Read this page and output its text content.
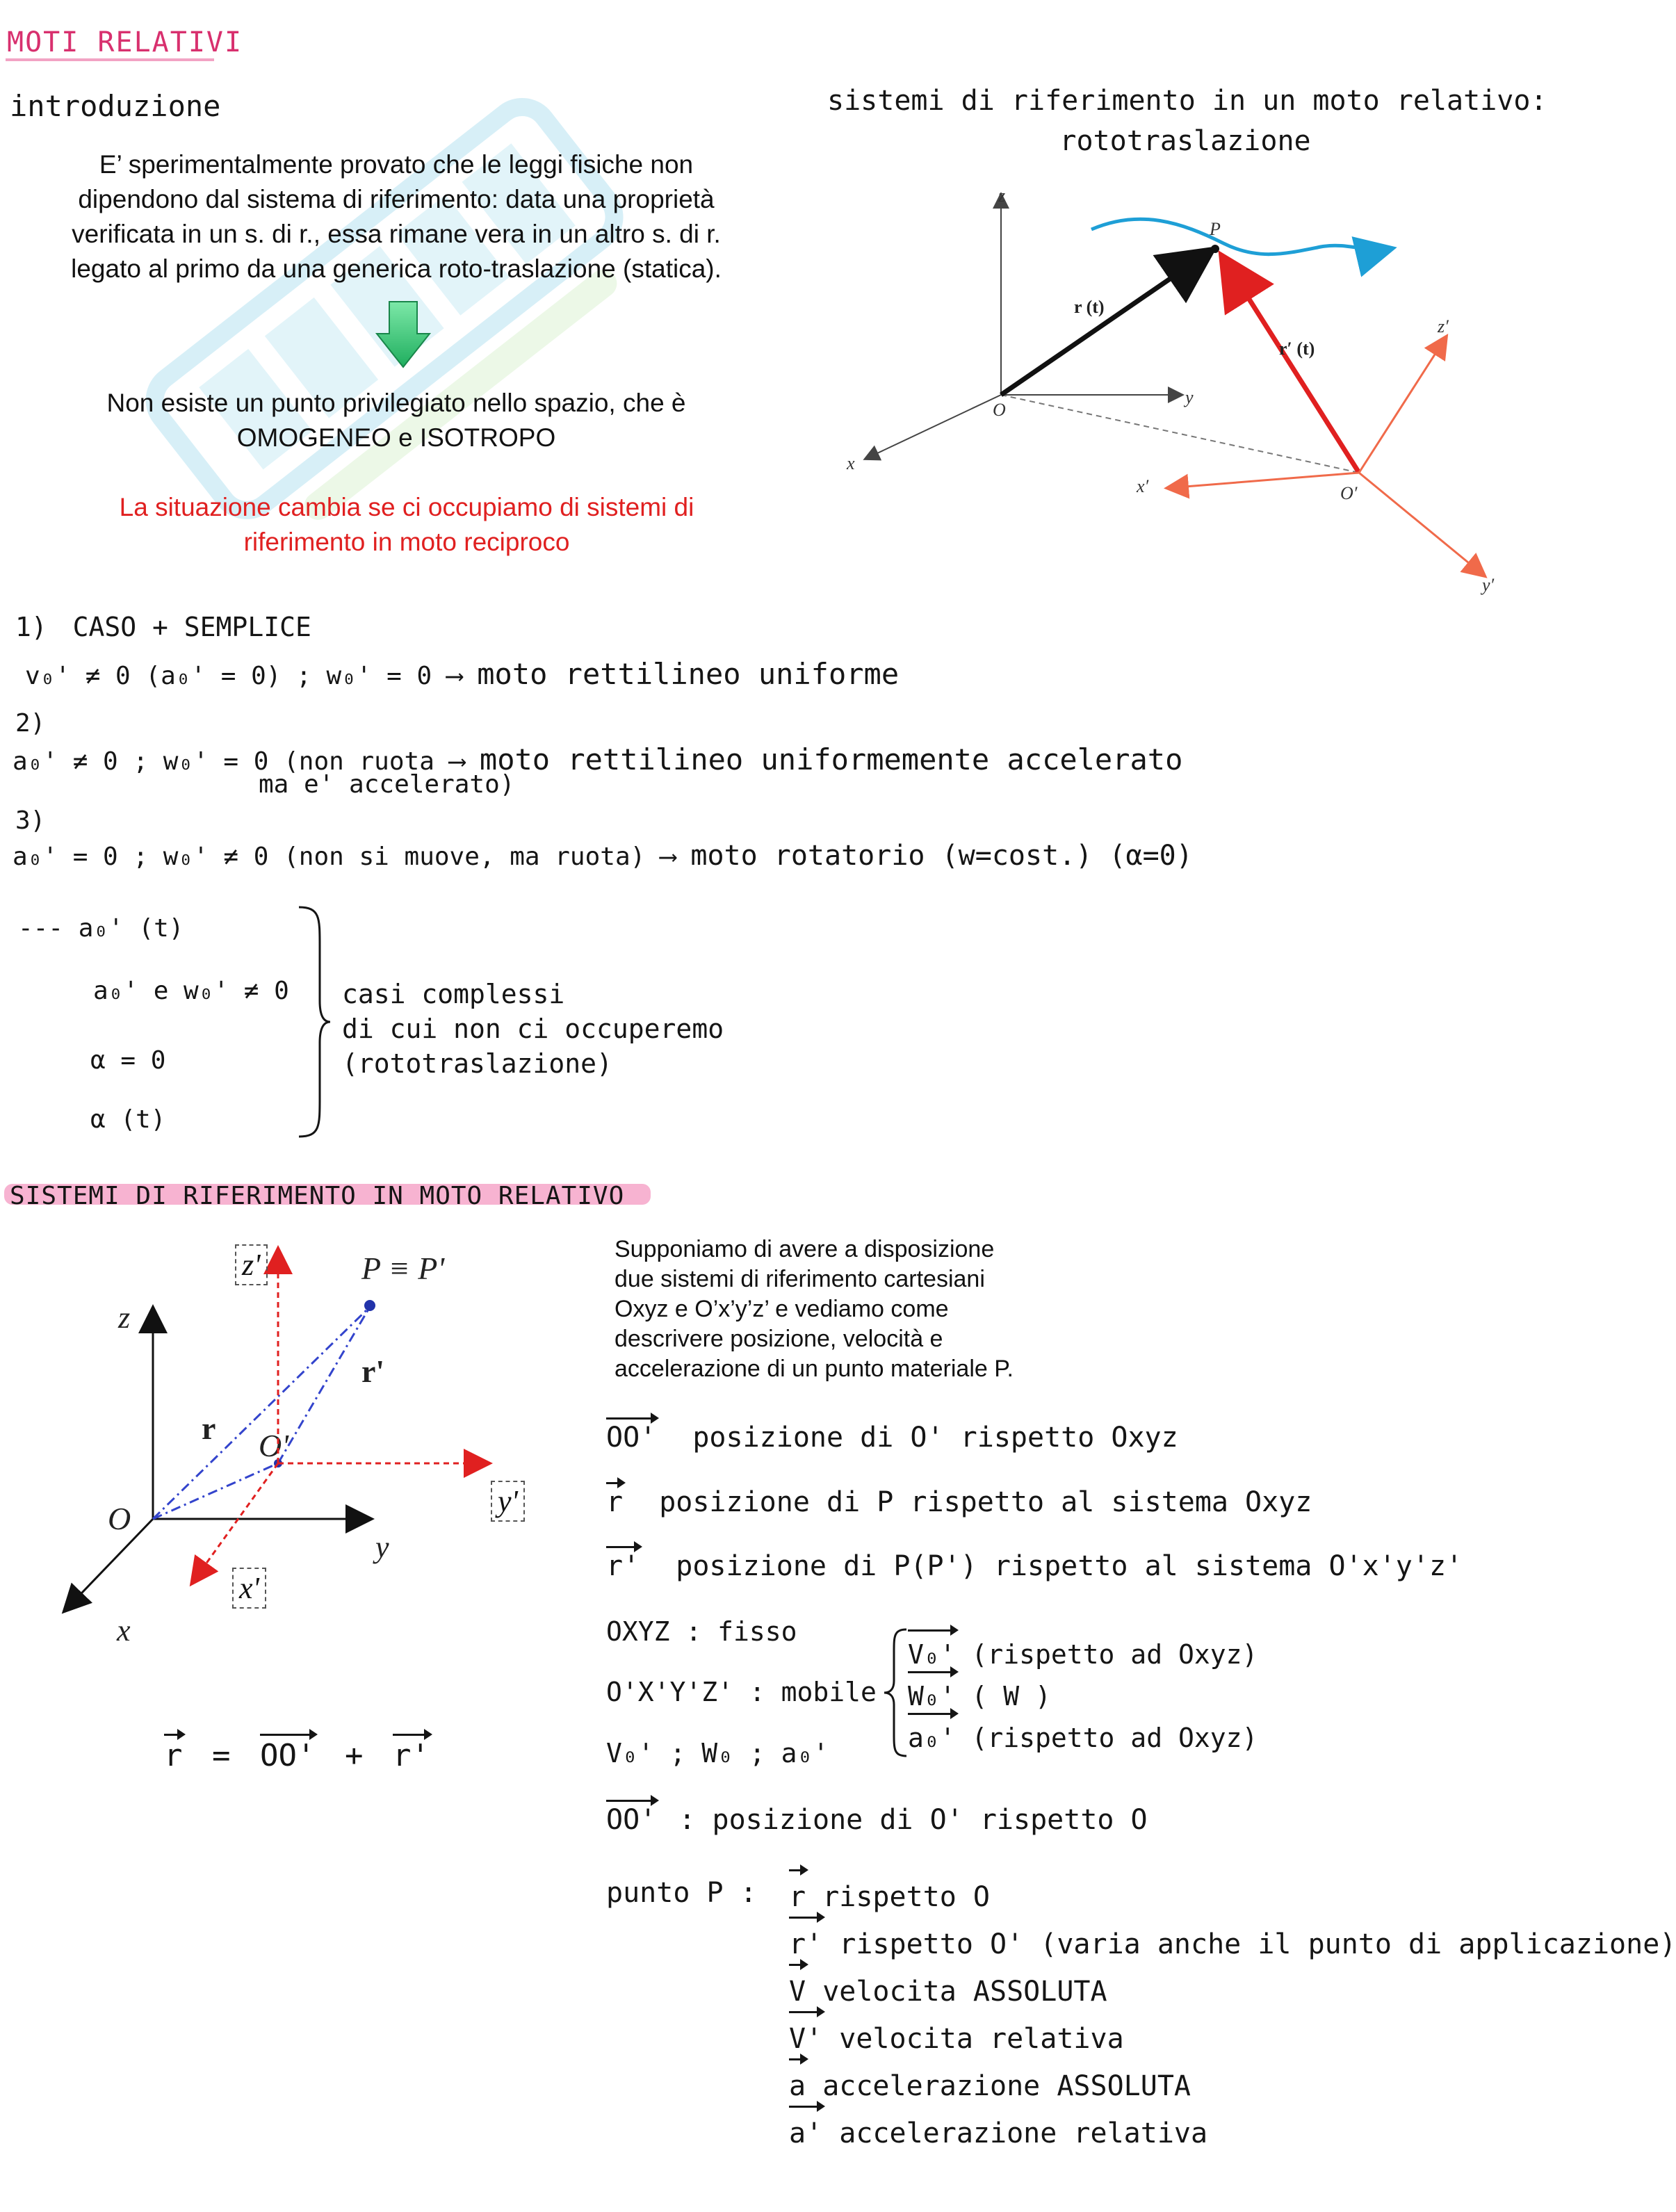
MOTI RELATIVI
introduzione
E’ sperimentalmente provato che le leggi fisiche non
dipendono dal sistema di riferimento: data una proprietà
verificata in un s. di r., essa rimane vera in un altro s. di r.
legato al primo da una generica roto-traslazione (statica).
Non esiste un punto privilegiato nello spazio, che è
OMOGENEO e ISOTROPO
La situazione cambia se ci occupiamo di sistemi di
riferimento in moto reciproco
sistemi di riferimento in un moto relativo:
rototraslazione
z
y
x
O
r (t)
P
r′ (t)
z′
x′
y′
O′
1) CASO + SEMPLICE
v₀' ≠ 0 (a₀' = 0) ; w₀' = 0 ⟶ moto rettilineo uniforme
2)
a₀' ≠ 0 ; w₀' = 0 (non ruota ⟶ moto rettilineo uniformemente accelerato
ma e' accelerato)
3)
a₀' = 0 ; w₀' ≠ 0 (non si muove, ma ruota) ⟶ moto rotatorio (w=cost.) (α=0)
--- a₀' (t)
a₀' e w₀' ≠ 0
α = 0
α (t)
casi complessi
di cui non ci occuperemo
(rototraslazione)
SISTEMI DI RIFERIMENTO IN MOTO RELATIVO
z
y
x
O
r
r'
O'
P ≡ P'
z'
y'
x'
r = OO' + r'
Supponiamo di avere a disposizione
due sistemi di riferimento cartesiani
Oxyz e O’x’y’z’ e vediamo come
descrivere posizione, velocità e
accelerazione di un punto materiale P.
OO' posizione di O' rispetto Oxyz
r posizione di P rispetto al sistema Oxyz
r' posizione di P(P') rispetto al sistema O'x'y'z'
OXYZ : fisso
O'X'Y'Z' : mobile
V₀' ; W₀ ; a₀'
V₀' (rispetto ad Oxyz)
W₀' ( W )
a₀' (rispetto ad Oxyz)
OO' : posizione di O' rispetto O
punto P : r rispetto O
r' rispetto O' (varia anche il punto di applicazione)
V velocita ASSOLUTA
V' velocita relativa
a accelerazione ASSOLUTA
a' accelerazione relativa
